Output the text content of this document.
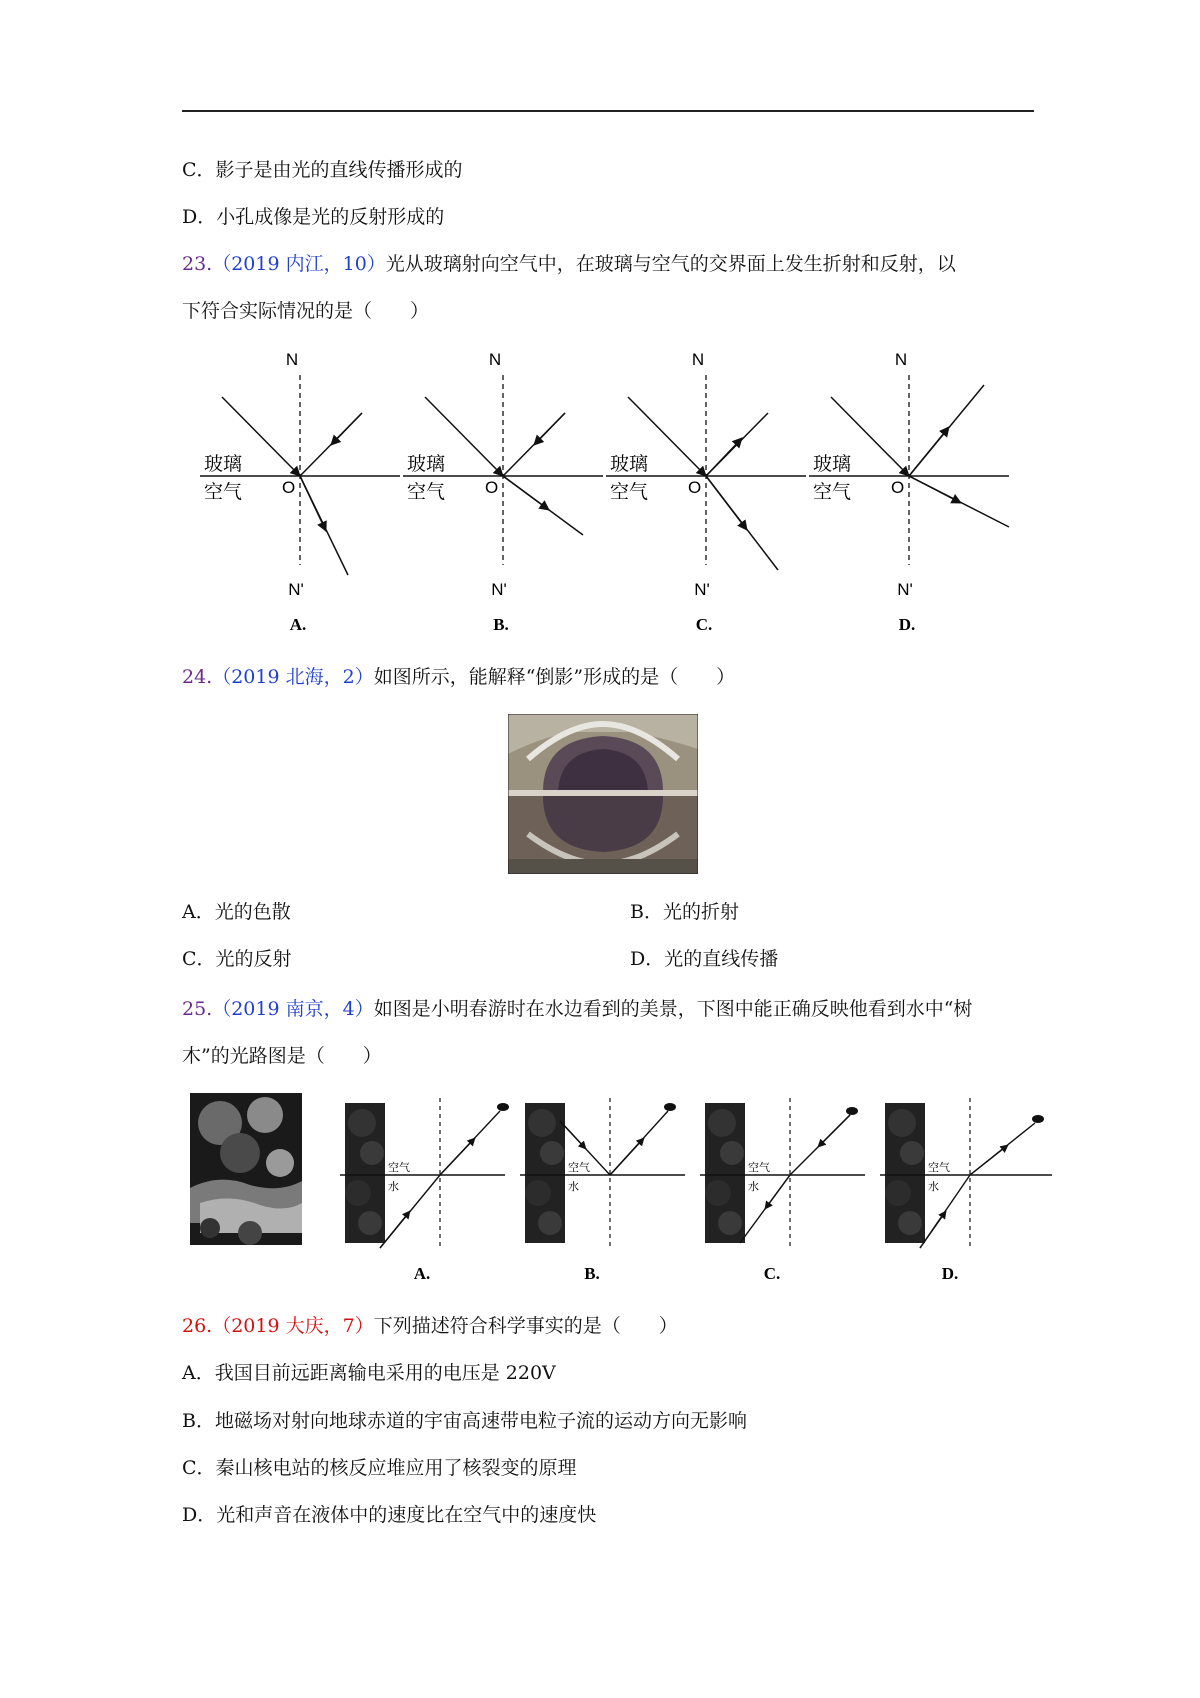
C．影子是由光的直线传播形成的
D．小孔成像是光的反射形成的
23.（2019 内江，10）光从玻璃射向空气中，在玻璃与空气的交界面上发生折射和反射，以
下符合实际情况的是（　　）
N
玻璃
空气 O
N'
A.
N
玻璃
空气 O
N'
B.
N
玻璃
空气 O
N'
C.
N
玻璃
空气 O
N'
D.
24.（2019 北海，2）如图所示，能解释“倒影”形成的是（　　）
A．光的色散	B．光的折射
C．光的反射	D．光的直线传播
25.（2019 南京，4）如图是小明春游时在水边看到的美景，下图中能正确反映他看到水中“树
木”的光路图是（　　）
空气
水
A.
空气
水
B.
空气
水
C.
空气
水
D.
26.（2019 大庆，7）下列描述符合科学事实的是（　　）
A．我国目前远距离输电采用的电压是 220V
B．地磁场对射向地球赤道的宇宙高速带电粒子流的运动方向无影响
C．秦山核电站的核反应堆应用了核裂变的原理
D．光和声音在液体中的速度比在空气中的速度快
